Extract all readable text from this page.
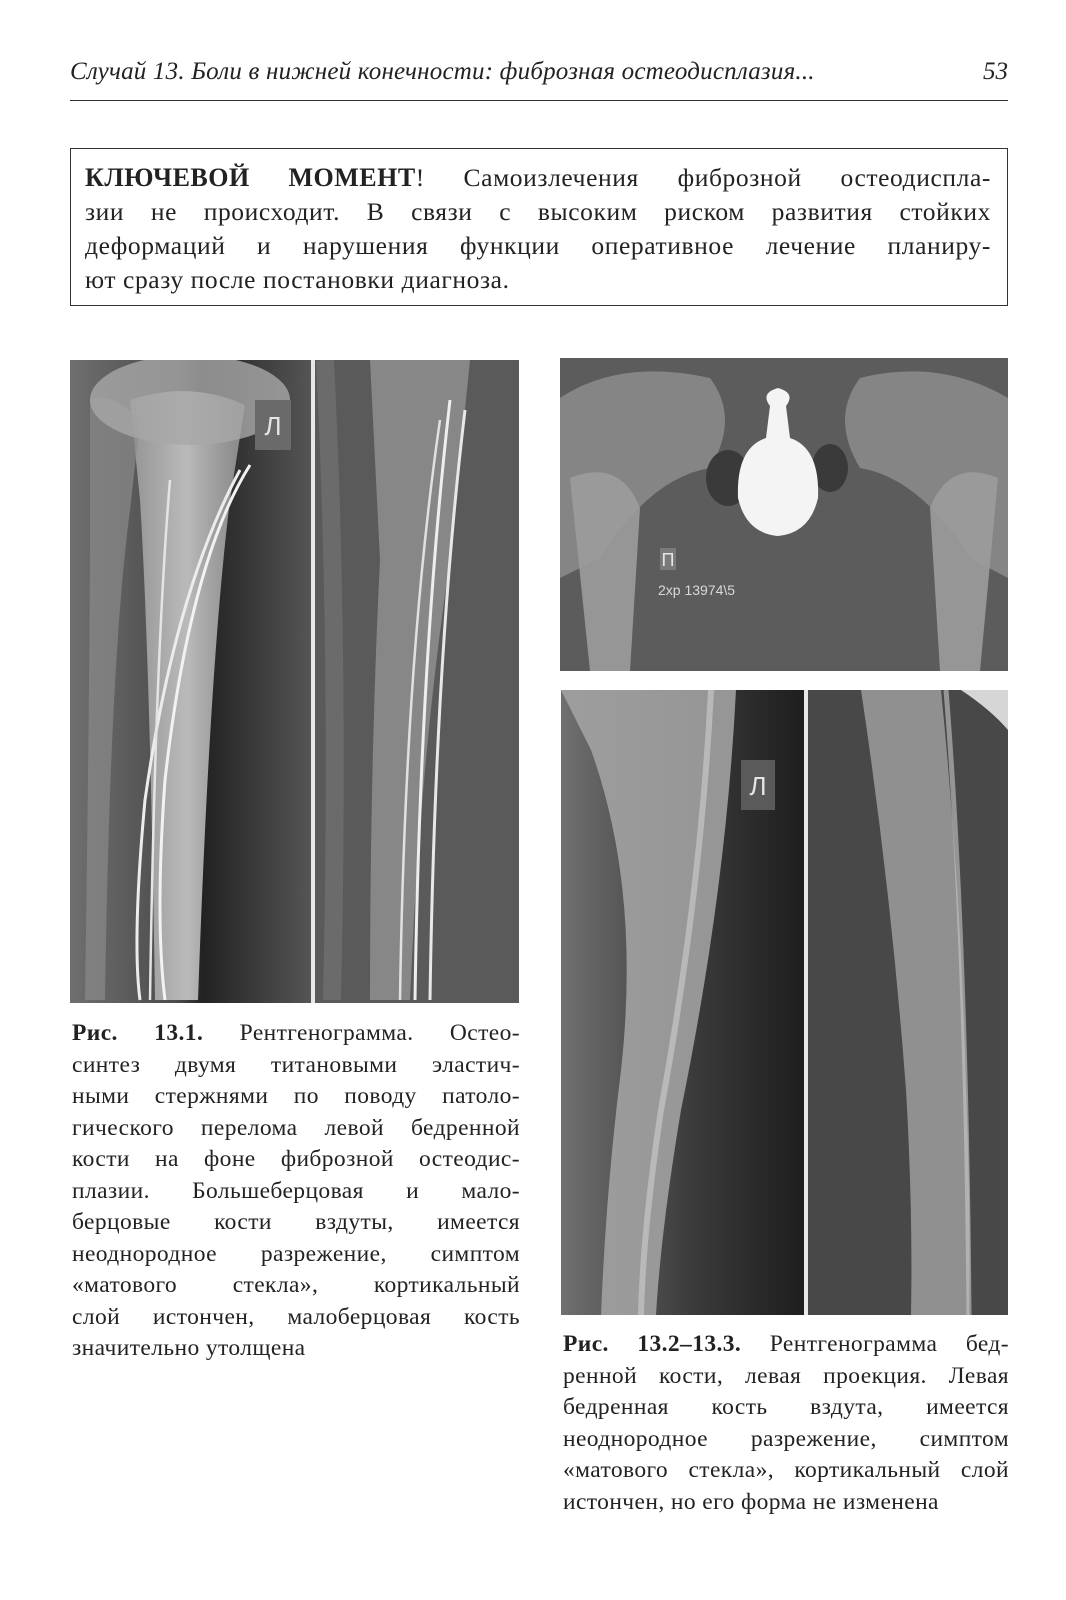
Случай 13. Боли в нижней конечности: фиброзная остеодисплазия...	53
КЛЮЧЕВОЙ МОМЕНТ! Самоизлечения фиброзной остеодиспла-
зии не происходит. В связи с высоким риском развития стойких
деформаций и нарушения функции оперативное лечение планиру-
ют сразу после постановки диагноза.
Л
Рис. 13.1. Рентгенограмма. Остео-
синтез двумя титановыми эластич-
ными стержнями по поводу патоло-
гического перелома левой бедренной
кости на фоне фиброзной остеодис-
плазии. Большеберцовая и мало-
берцовые кости вздуты, имеется
неоднородное разрежение, симптом
«матового стекла», кортикальный
слой истончен, малоберцовая кость
значительно утолщена
П
2хр 13974\5
Л
Рис. 13.2–13.3. Рентгенограмма бед-
ренной кости, левая проекция. Левая
бедренная кость вздута, имеется
неоднородное разрежение, симптом
«матового стекла», кортикальный слой
истончен, но его форма не изменена
